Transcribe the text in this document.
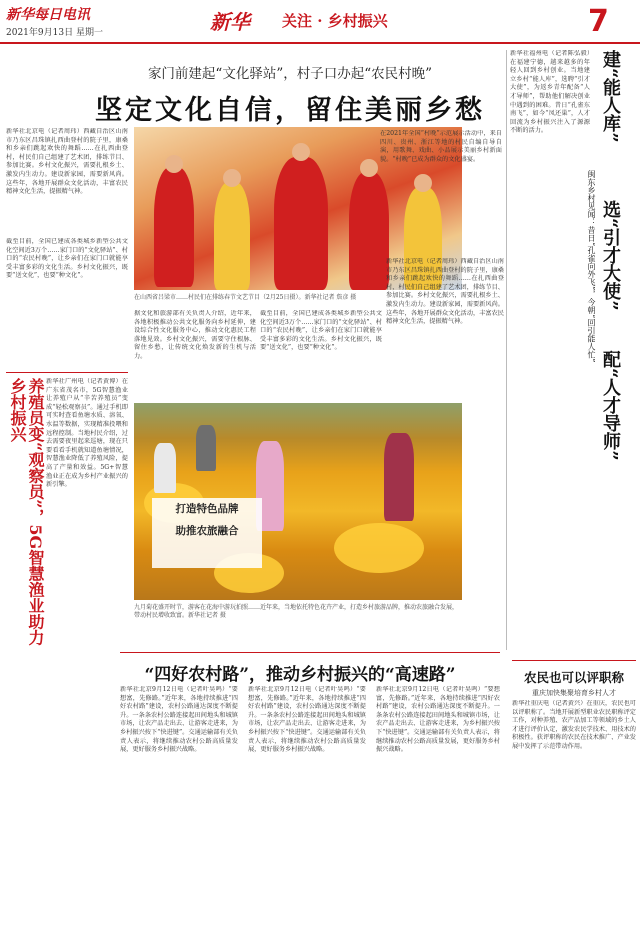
新华每日电讯
2021年9月13日 星期一	新华 关注 · 乡村振兴	7
家门前建起“文化驿站”，村子口办起“农民村晚”
坚定文化自信，留住美丽乡愁
新华社北京电（记者周玮）西藏自治区山南市乃东区昌珠镇扎西曲登村的院子里，康桑和乡亲们跳起欢快的舞蹈……在扎西曲登村，村民们自己组建了艺术团，排练节目、参加比赛。乡村文化振兴，需要扎根乡土、激发内生动力。建设新家园，需要新风尚。这些年，各地开展群众文化活动，丰富农民精神文化生活，提振精气神。
截至目前，全国已建成各类城乡新型公共文化空间近3万个……家门口的“文化驿站”、村口的“农民村晚”，让乡亲们在家门口就能享受丰富多彩的文化生活。乡村文化振兴，既要“送文化”，也要“种文化”。
在山西省吕梁市……村民们在排练春节文艺节目（2月25日摄）。新华社记者 詹彦 摄
在2021年全国“村晚”示范展示活动中，来自四川、贵州、浙江等地的村民自编自导自演，用歌舞、戏曲、小品展示美丽乡村新面貌。“村晚”已成为群众的文化盛宴。
据文化和旅游部有关负责人介绍，近年来，各地积极推动公共文化服务向乡村延伸，建设综合性文化服务中心，推动文化惠民工程落地见效。乡村文化振兴，需要守住根脉、留住乡愁，让传统文化焕发新的生机与活力。
截至目前，全国已建成各类城乡新型公共文化空间近3万个……家门口的“文化驿站”、村口的“农民村晚”，让乡亲们在家门口就能享受丰富多彩的文化生活。乡村文化振兴，既要“送文化”，也要“种文化”。
新华社北京电（记者周玮）西藏自治区山南市乃东区昌珠镇扎西曲登村的院子里，康桑和乡亲们跳起欢快的舞蹈……在扎西曲登村，村民们自己组建了艺术团，排练节目、参加比赛。乡村文化振兴，需要扎根乡土、激发内生动力。建设新家园，需要新风尚。这些年，各地开展群众文化活动，丰富农民精神文化生活，提振精气神。
养殖员变“观察员”，5G智慧渔业助力乡村振兴	新华社广州电（记者黄博）在广东省茂名市，5G智慧渔业让养殖户从“辛苦养殖员”变成“轻松观察员”。通过手机即可实时查看鱼塘水质、溶氧、水温等数据，实现精准投喂和远程控制。当地村民介绍，过去需要夜里起来巡塘，现在只要看看手机就知道鱼塘情况，智慧渔业降低了养殖风险，提高了产量和效益。5G+智慧渔业正在成为乡村产业振兴的新引擎。
打造特色品牌
助推农旅融合
九月菊花盛开时节，游客在花海中游玩拍照……近年来，当地依托特色花卉产业，打造乡村旅游品牌，推动农旅融合发展，带动村民增收致富。新华社记者 摄
新华社福州电（记者陈弘毅）在福建宁德，越来越多的年轻人回到乡村创业。当地建立乡村“能人库”，选聘“引才大使”，为返乡青年配备“人才导师”，帮助他们解决创业中遇到的困难。昔日“孔雀东南飞”，如今“凤还巢”，人才回流为乡村振兴注入了源源不断的活力。	建“能人库”
选“引才大使”
配“人才导师”
闽东乡村见闻：昔日“孔雀向外飞”，今朝“回引能人忙”
“四好农村路”，推动乡村振兴的“高速路”
新华社北京9月12日电（记者叶昊鸣）“要想富，先修路。”近年来，各地持续推进“四好农村路”建设，农村公路通达深度不断提升。一条条农村公路连接起田间地头和城镇市场，让农产品走出去、让游客走进来，为乡村振兴按下“快进键”。交通运输部有关负责人表示，将继续推动农村公路高质量发展，更好服务乡村振兴战略。
新华社北京9月12日电（记者叶昊鸣）“要想富，先修路。”近年来，各地持续推进“四好农村路”建设，农村公路通达深度不断提升。一条条农村公路连接起田间地头和城镇市场，让农产品走出去、让游客走进来，为乡村振兴按下“快进键”。交通运输部有关负责人表示，将继续推动农村公路高质量发展，更好服务乡村振兴战略。
新华社北京9月12日电（记者叶昊鸣）“要想富，先修路。”近年来，各地持续推进“四好农村路”建设，农村公路通达深度不断提升。一条条农村公路连接起田间地头和城镇市场，让农产品走出去、让游客走进来，为乡村振兴按下“快进键”。交通运输部有关负责人表示，将继续推动农村公路高质量发展，更好服务乡村振兴战略。
农民也可以评职称
重庆加快集聚培育乡村人才
新华社重庆电（记者黄兴）在重庆，农民也可以评职称了。当地开展新型职业农民职称评定工作，对种养殖、农产品加工等领域的乡土人才进行评价认定，激发农民学技术、用技术的积极性。获评职称的农民在技术推广、产业发展中发挥了示范带动作用。
